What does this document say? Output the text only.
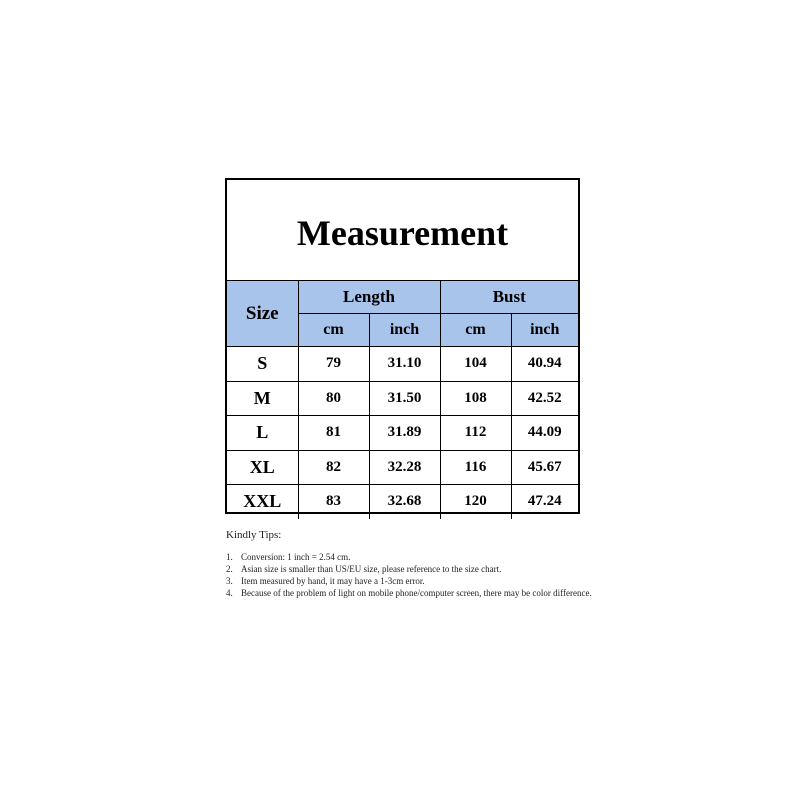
Measurement
Size	Length		Bust	
	cm	inch	cm	inch
S	79	31.10	104	40.94
M	80	31.50	108	42.52
L	81	31.89	112	44.09
XL	82	32.28	116	45.67
XXL	83	32.68	120	47.24
Kindly Tips:
1. Conversion: 1 inch = 2.54 cm.
2. Asian size is smaller than US/EU size, please reference to the size chart.
3. Item measured by hand, it may have a 1-3cm error.
4. Because of the problem of light on mobile phone/computer screen, there may be color difference.
